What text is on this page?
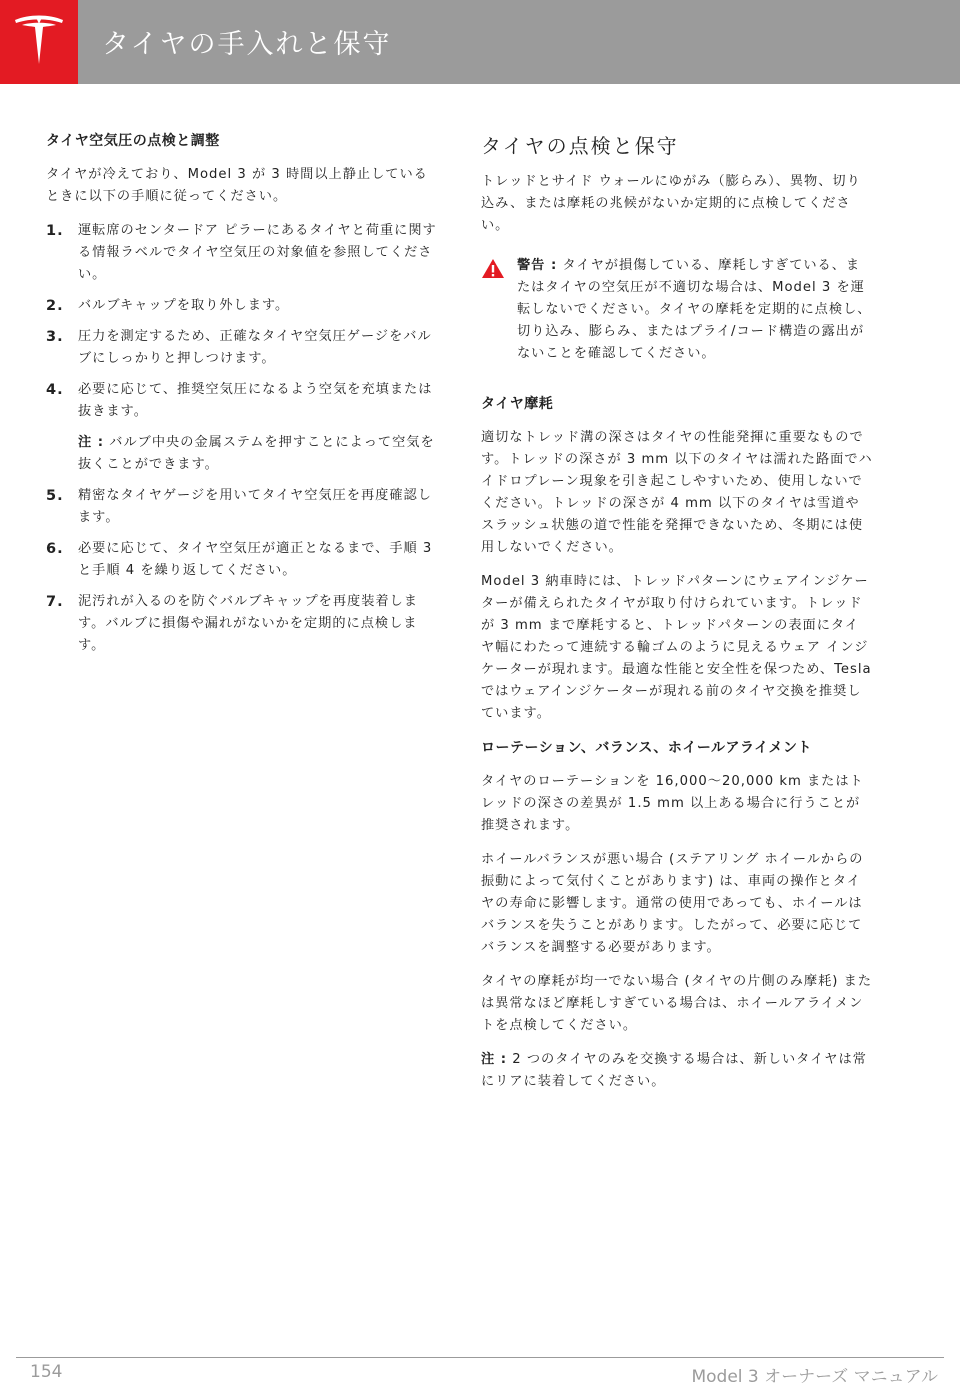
タイヤの手入れと保守
タイヤ空気圧の点検と調整

タイヤが冷えており、Model 3 が 3 時間以上静止しているときに以下の手順に従ってください。

1. 運転席のセンタードア ピラーにあるタイヤと荷重に関する情報ラベルでタイヤ空気圧の対象値を参照してください。
2. バルブキャップを取り外します。
3. 圧力を測定するため、正確なタイヤ空気圧ゲージをバルブにしっかりと押しつけます。
4. 必要に応じて、推奨空気圧になるよう空気を充填または抜きます。

注 : バルブ中央の金属ステムを押すことによって空気を抜くことができます。

5. 精密なタイヤゲージを用いてタイヤ空気圧を再度確認します。
6. 必要に応じて、タイヤ空気圧が適正となるまで、手順 3 と手順 4 を繰り返してください。
7. 泥汚れが入るのを防ぐバルブキャップを再度装着します。バルブに損傷や漏れがないかを定期的に点検します。
タイヤの点検と保守

トレッドとサイド ウォールにゆがみ（膨らみ）、異物、切り込み、または摩耗の兆候がないか定期的に点検してください。

警告 : タイヤが損傷している、摩耗しすぎている、またはタイヤの空気圧が不適切な場合は、Model 3 を運転しないでください。タイヤの摩耗を定期的に点検し、切り込み、膨らみ、またはプライ/コード構造の露出がないことを確認してください。

タイヤ摩耗

適切なトレッド溝の深さはタイヤの性能発揮に重要なものです。トレッドの深さが 3 mm 以下のタイヤは濡れた路面でハイドロプレーン現象を引き起こしやすいため、使用しないでください。トレッドの深さが 4 mm 以下のタイヤは雪道やスラッシュ状態の道で性能を発揮できないため、冬期には使用しないでください。

Model 3 納車時には、トレッドパターンにウェアインジケーターが備えられたタイヤが取り付けられています。トレッドが 3 mm まで摩耗すると、トレッドパターンの表面にタイヤ幅にわたって連続する輪ゴムのように見えるウェア インジケーターが現れます。最適な性能と安全性を保つため、Tesla ではウェアインジケーターが現れる前のタイヤ交換を推奨しています。

ローテーション、バランス、ホイールアライメント

タイヤのローテーションを 16,000～20,000 km またはトレッドの深さの差異が 1.5 mm 以上ある場合に行うことが推奨されます。

ホイールバランスが悪い場合 (ステアリング ホイールからの振動によって気付くことがあります) は、車両の操作とタイヤの寿命に影響します。通常の使用であっても、ホイールはバランスを失うことがあります。したがって、必要に応じてバランスを調整する必要があります。

タイヤの摩耗が均一でない場合 (タイヤの片側のみ摩耗) または異常なほど摩耗しすぎている場合は、ホイールアライメントを点検してください。

注 : 2 つのタイヤのみを交換する場合は、新しいタイヤは常にリアに装着してください。

154	Model 3 オーナーズ マニュアル
